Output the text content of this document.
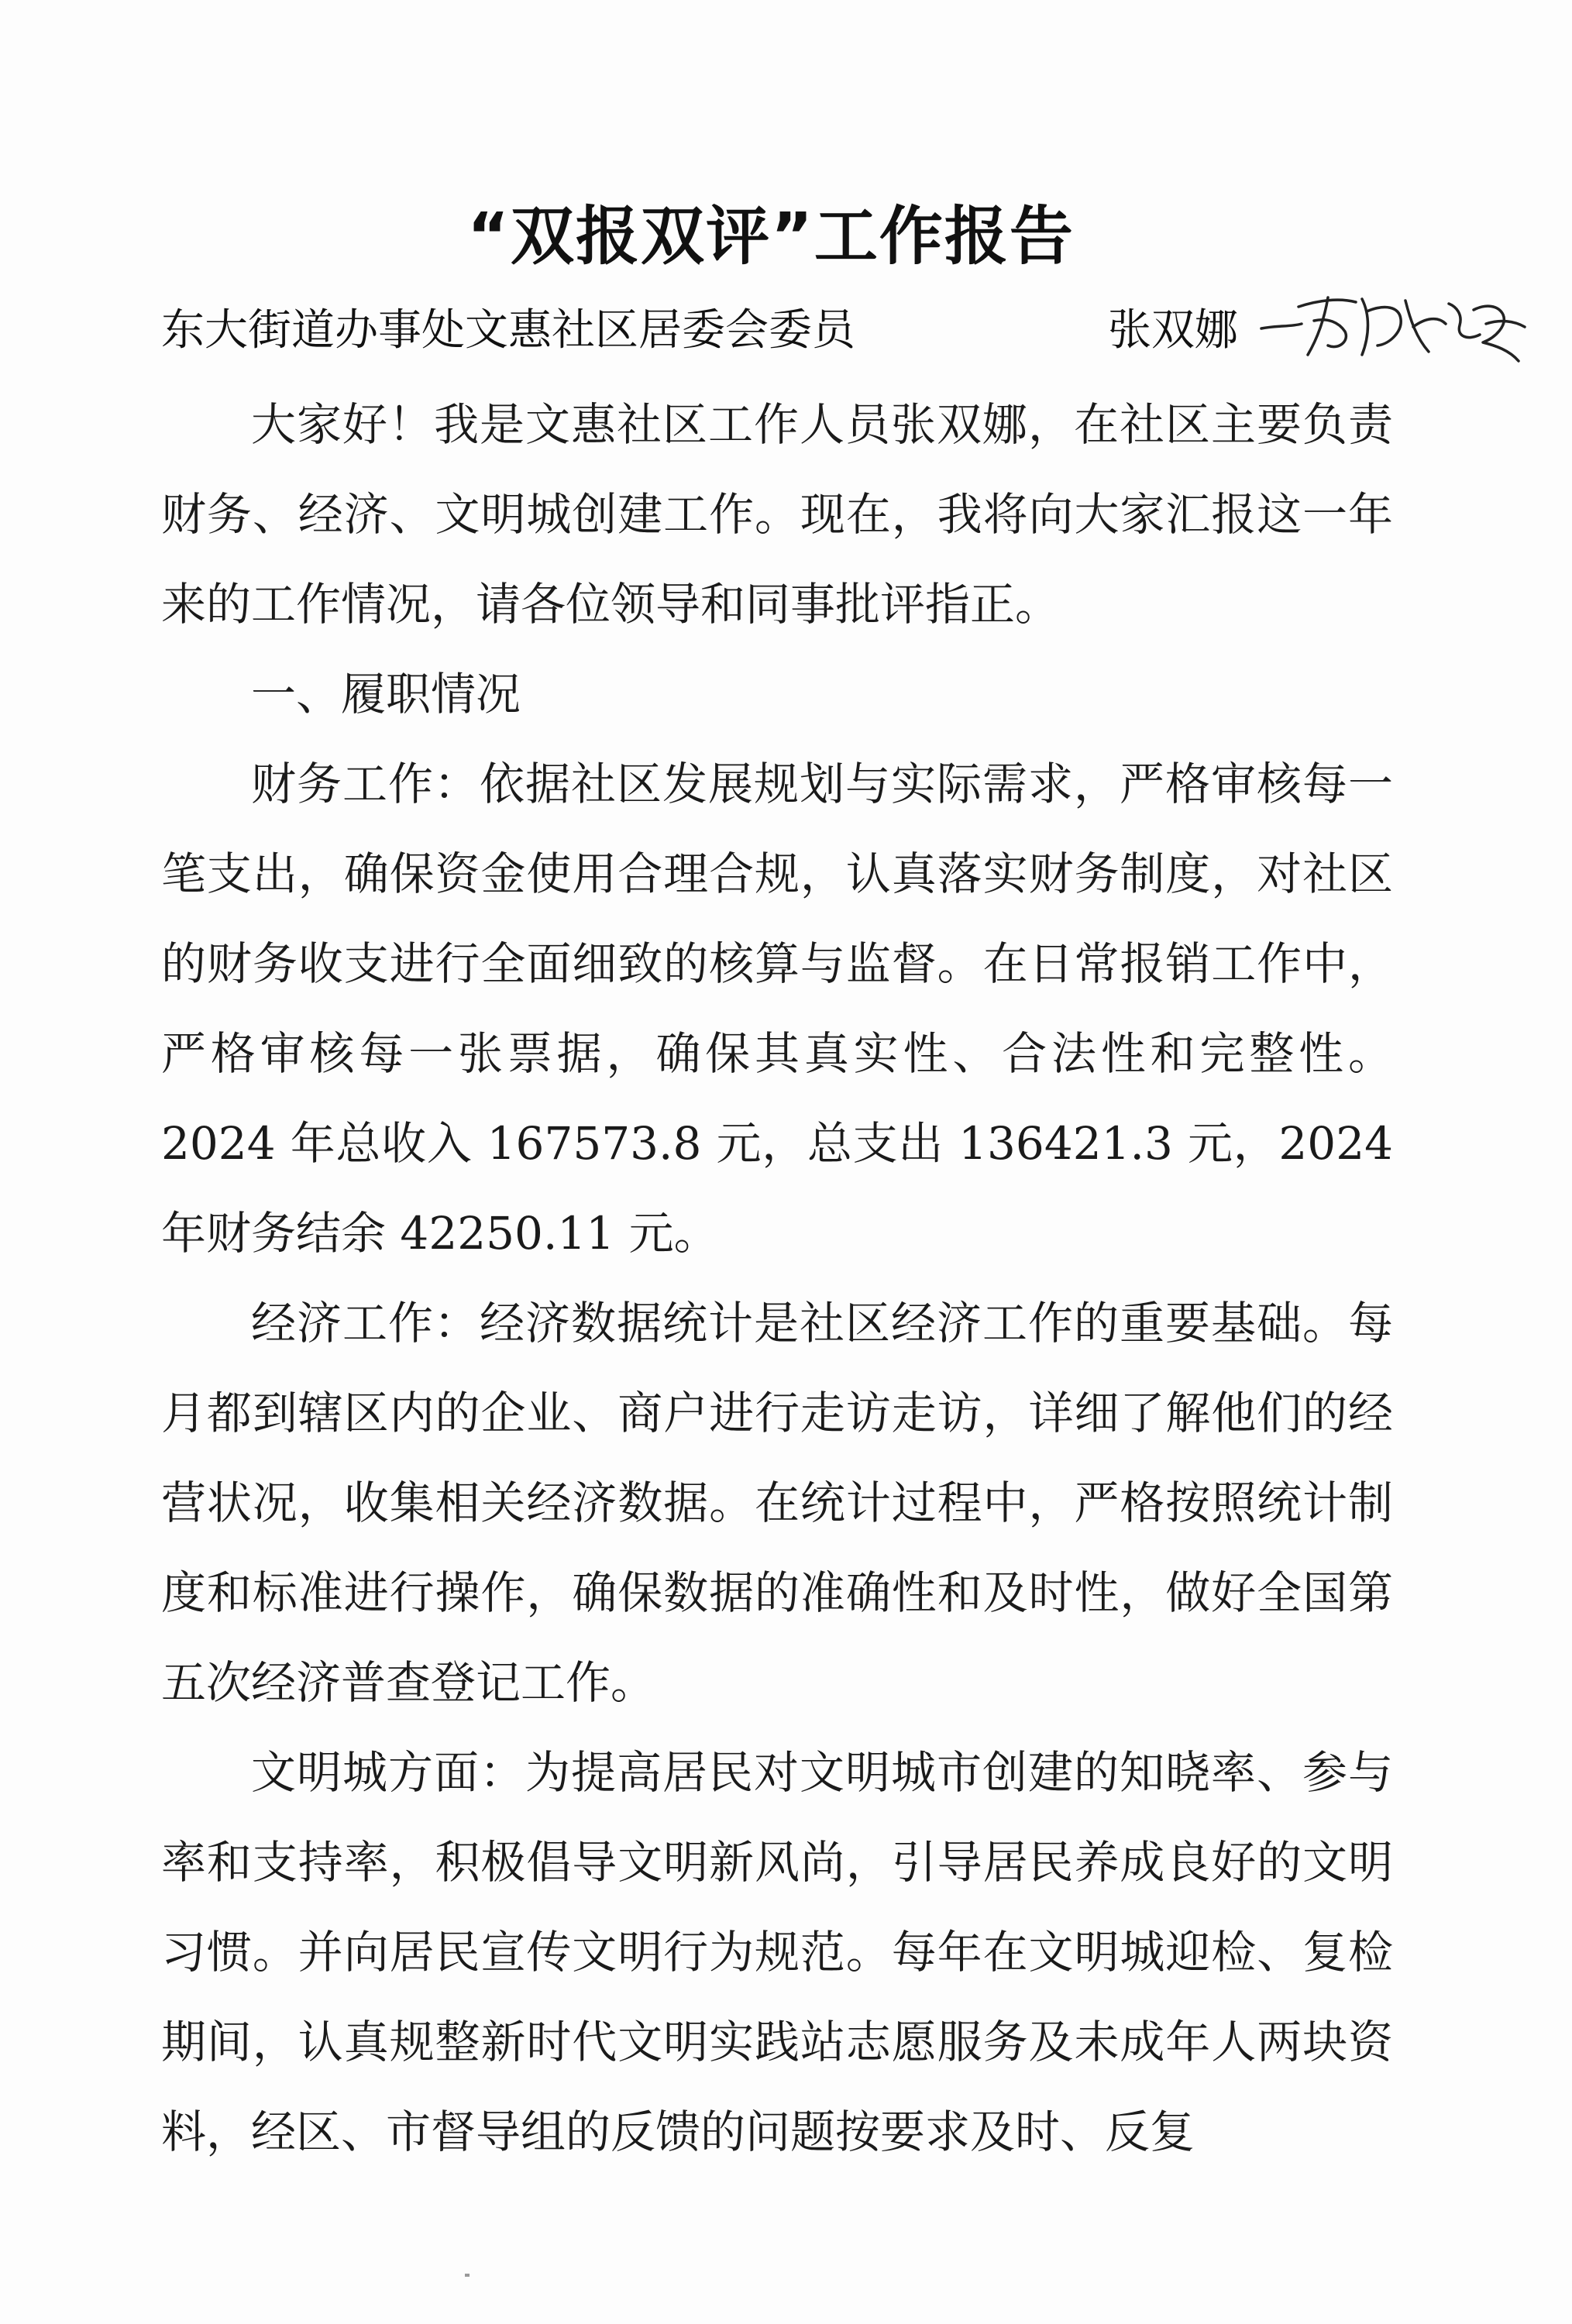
“双报双评”工作报告
东大街道办事处文惠社区居委会委员	张双娜

大家好！我是文惠社区工作人员张双娜，在社区主要负责财务、经济、文明城创建工作。现在，我将向大家汇报这一年来的工作情况，请各位领导和同事批评指正。

一、履职情况

财务工作：依据社区发展规划与实际需求，严格审核每一笔支出，确保资金使用合理合规，认真落实财务制度，对社区的财务收支进行全面细致的核算与监督。在日常报销工作中，严格审核每一张票据，确保其真实性、合法性和完整性。2024 年总收入 167573.8 元，总支出 136421.3 元，2024 年财务结余 42250.11 元。

经济工作：经济数据统计是社区经济工作的重要基础。每月都到辖区内的企业、商户进行走访走访，详细了解他们的经营状况，收集相关经济数据。在统计过程中，严格按照统计制度和标准进行操作，确保数据的准确性和及时性，做好全国第五次经济普查登记工作。

文明城方面：为提高居民对文明城市创建的知晓率、参与率和支持率，积极倡导文明新风尚，引导居民养成良好的文明习惯。并向居民宣传文明行为规范。每年在文明城迎检、复检期间，认真规整新时代文明实践站志愿服务及未成年人两块资料，经区、市督导组的反馈的问题按要求及时、反复
